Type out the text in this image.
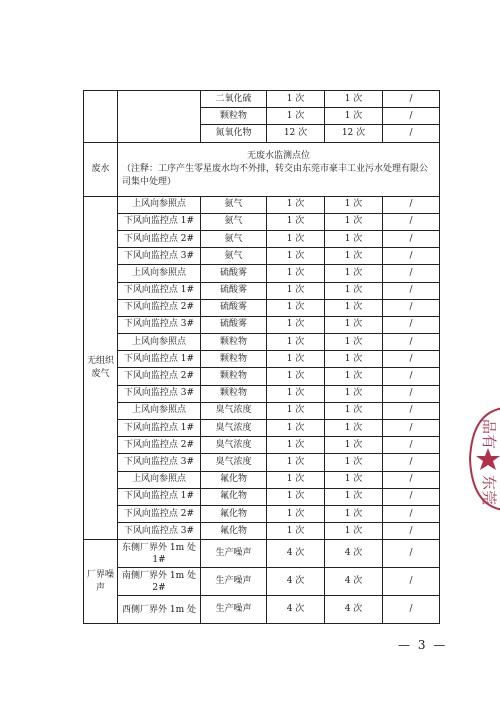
		二氧化硫	1 次	1 次	/
		颗粒物	1 次	1 次	/
		氮氧化物	12 次	12 次	/
废水	无废水监测点位
（注释：工序产生零星废水均不外排，转交由东莞市豪丰工业污水处理有限公司集中处理）				

无组织
废气	上风向参照点	氨气	1 次	1 次	/
	下风向监控点 1#	氨气	1 次	1 次	/
	下风向监控点 2#	氨气	1 次	1 次	/
	下风向监控点 3#	氨气	1 次	1 次	/
	上风向参照点	硫酸雾	1 次	1 次	/
	下风向监控点 1#	硫酸雾	1 次	1 次	/
	下风向监控点 2#	硫酸雾	1 次	1 次	/
	下风向监控点 3#	硫酸雾	1 次	1 次	/
	上风向参照点	颗粒物	1 次	1 次	/
	下风向监控点 1#	颗粒物	1 次	1 次	/
	下风向监控点 2#	颗粒物	1 次	1 次	/
	下风向监控点 3#	颗粒物	1 次	1 次	/
	上风向参照点	臭气浓度	1 次	1 次	/
	下风向监控点 1#	臭气浓度	1 次	1 次	/
	下风向监控点 2#	臭气浓度	1 次	1 次	/
	下风向监控点 3#	臭气浓度	1 次	1 次	/
	上风向参照点	氟化物	1 次	1 次	/
	下风向监控点 1#	氟化物	1 次	1 次	/
	下风向监控点 2#	氟化物	1 次	1 次	/
	下风向监控点 3#	氟化物	1 次	1 次	/
厂界噪
声	东侧厂界外 1m 处 1#	生产噪声	4 次	4 次	/
	南侧厂界外 1m 处 2#	生产噪声	4 次	4 次	/
	西侧厂界外 1m 处	生产噪声	4 次	4 次	/
— 3 —
品有
东莞
